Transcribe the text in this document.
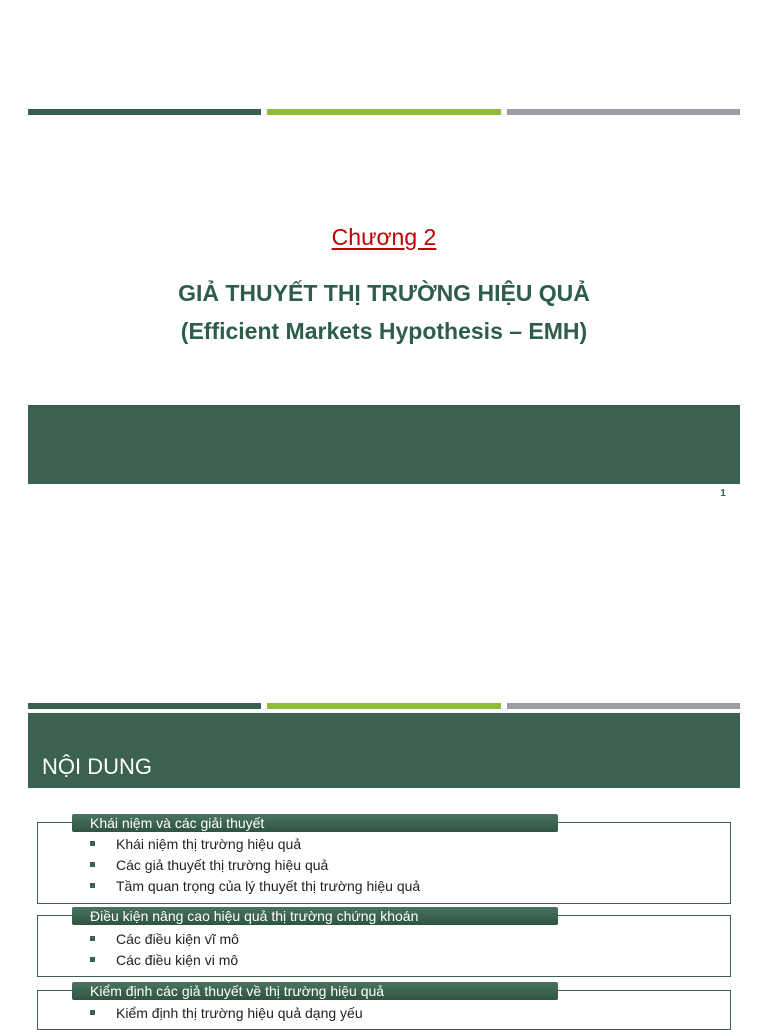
Chương 2
GIẢ THUYẾT THỊ TRƯỜNG HIỆU QUẢ
(Efficient Markets Hypothesis – EMH)
1
NỘI DUNG
Khái niệm và các giải thuyết
Khái niệm thị trường hiệu quả
Các giả thuyết thị trường hiệu quả
Tầm quan trọng của lý thuyết thị trường hiệu quả
Điều kiện nâng cao hiệu quả thị trường chứng khoán
Các điều kiện vĩ mô
Các điều kiện vi mô
Kiểm định các giả thuyết về thị trường hiệu quả
Kiểm định thị trường hiệu quả dạng yếu
